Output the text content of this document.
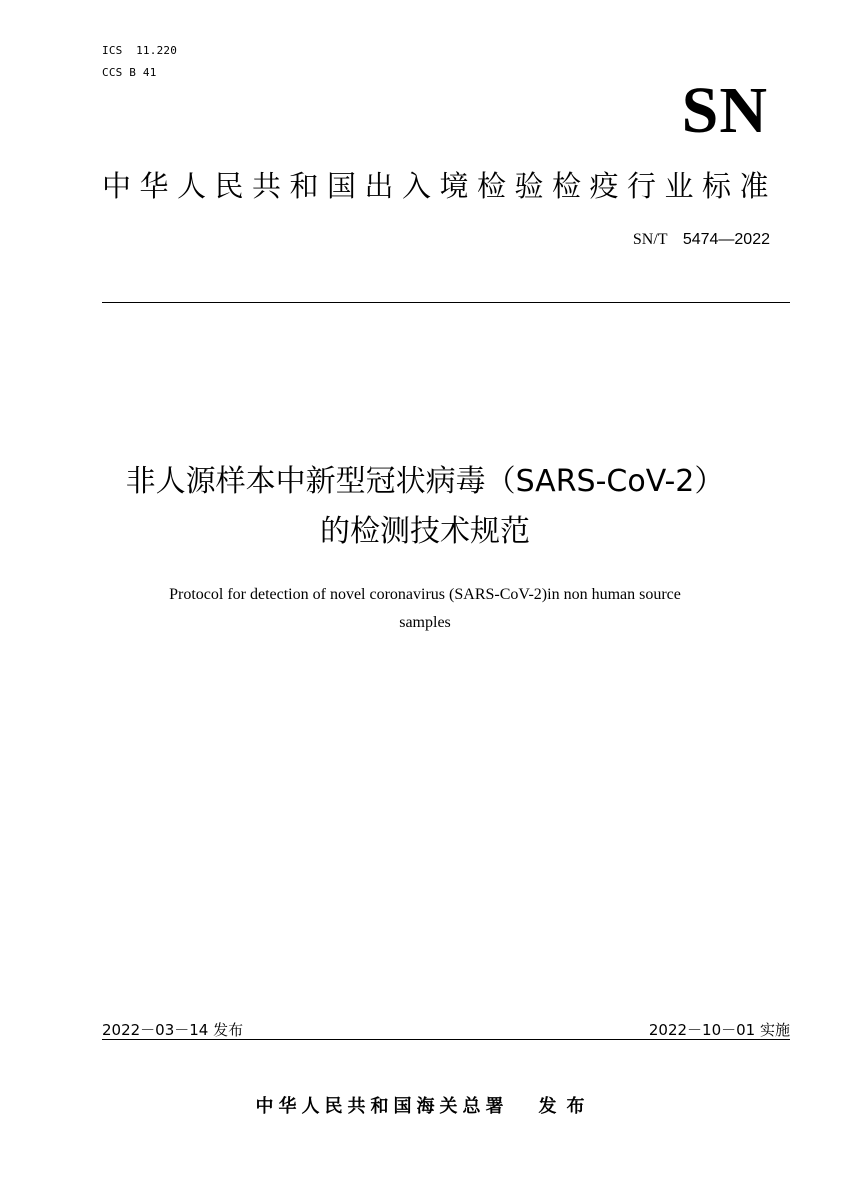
ICS  11.220
CCS B 41
SN
中华人民共和国出入境检验检疫行业标准
SN/T 5474—2022
非人源样本中新型冠状病毒（SARS-CoV-2）
的检测技术规范
Protocol for detection of novel coronavirus (SARS-CoV-2)in non human source
samples
2022－03－14 发布	2022－10－01 实施
中华人民共和国海关总署 发布
